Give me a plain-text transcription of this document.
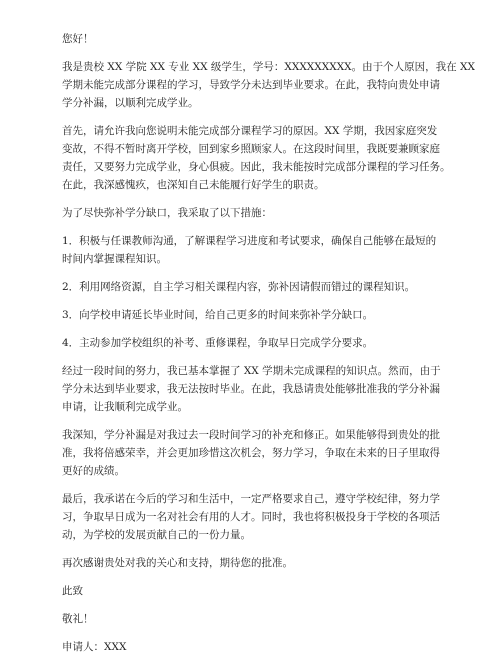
您好！

我是贵校 XX 学院 XX 专业 XX 级学生，学号：XXXXXXXXX。由于个人原因，我在 XX
学期未能完成部分课程的学习，导致学分未达到毕业要求。在此，我特向贵处申请
学分补漏，以顺利完成学业。

首先，请允许我向您说明未能完成部分课程学习的原因。XX 学期，我因家庭突发
变故，不得不暂时离开学校，回到家乡照顾家人。在这段时间里，我既要兼顾家庭
责任，又要努力完成学业，身心俱疲。因此，我未能按时完成部分课程的学习任务。
在此，我深感愧疚，也深知自己未能履行好学生的职责。

为了尽快弥补学分缺口，我采取了以下措施：

1．积极与任课教师沟通，了解课程学习进度和考试要求，确保自己能够在最短的
时间内掌握课程知识。

2．利用网络资源，自主学习相关课程内容，弥补因请假而错过的课程知识。

3．向学校申请延长毕业时间，给自己更多的时间来弥补学分缺口。

4．主动参加学校组织的补考、重修课程，争取早日完成学分要求。

经过一段时间的努力，我已基本掌握了 XX 学期未完成课程的知识点。然而，由于
学分未达到毕业要求，我无法按时毕业。在此，我恳请贵处能够批准我的学分补漏
申请，让我顺利完成学业。

我深知，学分补漏是对我过去一段时间学习的补充和修正。如果能够得到贵处的批
准，我将倍感荣幸，并会更加珍惜这次机会，努力学习，争取在未来的日子里取得
更好的成绩。

最后，我承诺在今后的学习和生活中，一定严格要求自己，遵守学校纪律，努力学
习，争取早日成为一名对社会有用的人才。同时，我也将积极投身于学校的各项活
动，为学校的发展贡献自己的一份力量。

再次感谢贵处对我的关心和支持，期待您的批准。

此致

敬礼！

申请人：XXX
